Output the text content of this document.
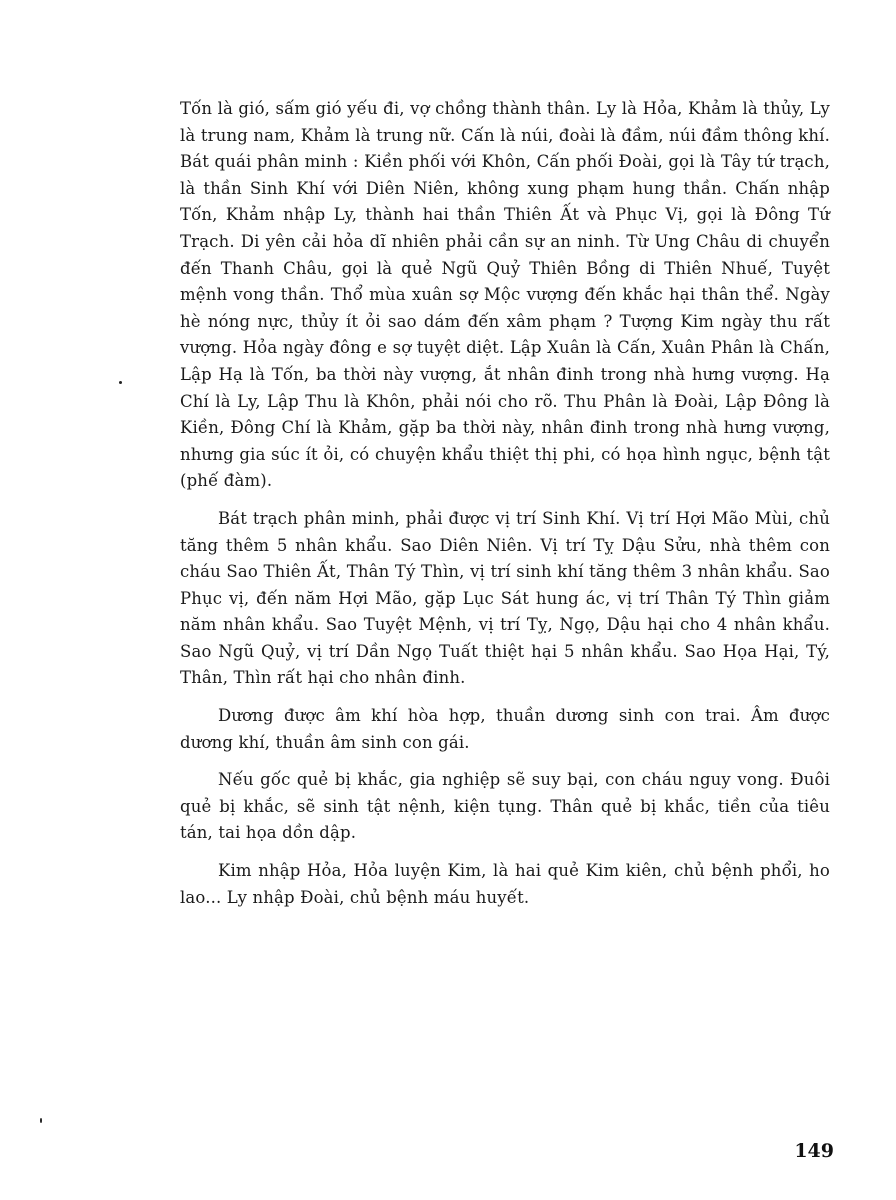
Tốn là gió, sấm gió yếu đi, vợ chồng thành thân. Ly là Hỏa, Khảm là thủy, Ly là trung nam, Khảm là trung nữ. Cấn là núi, đoài là đầm, núi đầm thông khí. Bát quái phân minh : Kiền phối với Khôn, Cấn phối Đoài, gọi là Tây tứ trạch, là thần Sinh Khí với Diên Niên, không xung phạm hung thần. Chấn nhập Tốn, Khảm nhập Ly, thành hai thần Thiên Ất và Phục Vị, gọi là Đông Tứ Trạch. Di yên cải hỏa dĩ nhiên phải cần sự an ninh. Từ Ung Châu di chuyển đến Thanh Châu, gọi là quẻ Ngũ Quỷ Thiên Bồng di Thiên Nhuế, Tuyệt mệnh vong thần. Thổ mùa xuân sợ Mộc vượng đến khắc hại thân thể. Ngày hè nóng nực, thủy ít ỏi sao dám đến xâm phạm ? Tượng Kim ngày thu rất vượng. Hỏa ngày đông e sợ tuyệt diệt. Lập Xuân là Cấn, Xuân Phân là Chấn, Lập Hạ là Tốn, ba thời này vượng, ắt nhân đinh trong nhà hưng vượng. Hạ Chí là Ly, Lập Thu là Khôn, phải nói cho rõ. Thu Phân là Đoài, Lập Đông là Kiền, Đông Chí là Khảm, gặp ba thời này, nhân đinh trong nhà hưng vượng, nhưng gia súc ít ỏi, có chuyện khẩu thiệt thị phi, có họa hình ngục, bệnh tật (phế đàm).

Bát trạch phân minh, phải được vị trí Sinh Khí. Vị trí Hợi Mão Mùi, chủ tăng thêm 5 nhân khẩu. Sao Diên Niên. Vị trí Tỵ Dậu Sửu, nhà thêm con cháu Sao Thiên Ất, Thân Tý Thìn, vị trí sinh khí tăng thêm 3 nhân khẩu. Sao Phục vị, đến năm Hợi Mão, gặp Lục Sát hung ác, vị trí Thân Tý Thìn giảm năm nhân khẩu. Sao Tuyệt Mệnh, vị trí Tỵ, Ngọ, Dậu hại cho 4 nhân khẩu. Sao Ngũ Quỷ, vị trí Dần Ngọ Tuất thiệt hại 5 nhân khẩu. Sao Họa Hại, Tý, Thân, Thìn rất hại cho nhân đinh.

Dương được âm khí hòa hợp, thuần dương sinh con trai. Âm được dương khí, thuần âm sinh con gái.

Nếu gốc quẻ bị khắc, gia nghiệp sẽ suy bại, con cháu nguy vong. Đuôi quẻ bị khắc, sẽ sinh tật nệnh, kiện tụng. Thân quẻ bị khắc, tiền của tiêu tán, tai họa dồn dập.

Kim nhập Hỏa, Hỏa luyện Kim, là hai quẻ Kim kiên, chủ bệnh phổi, ho lao... Ly nhập Đoài, chủ bệnh máu huyết.

149
